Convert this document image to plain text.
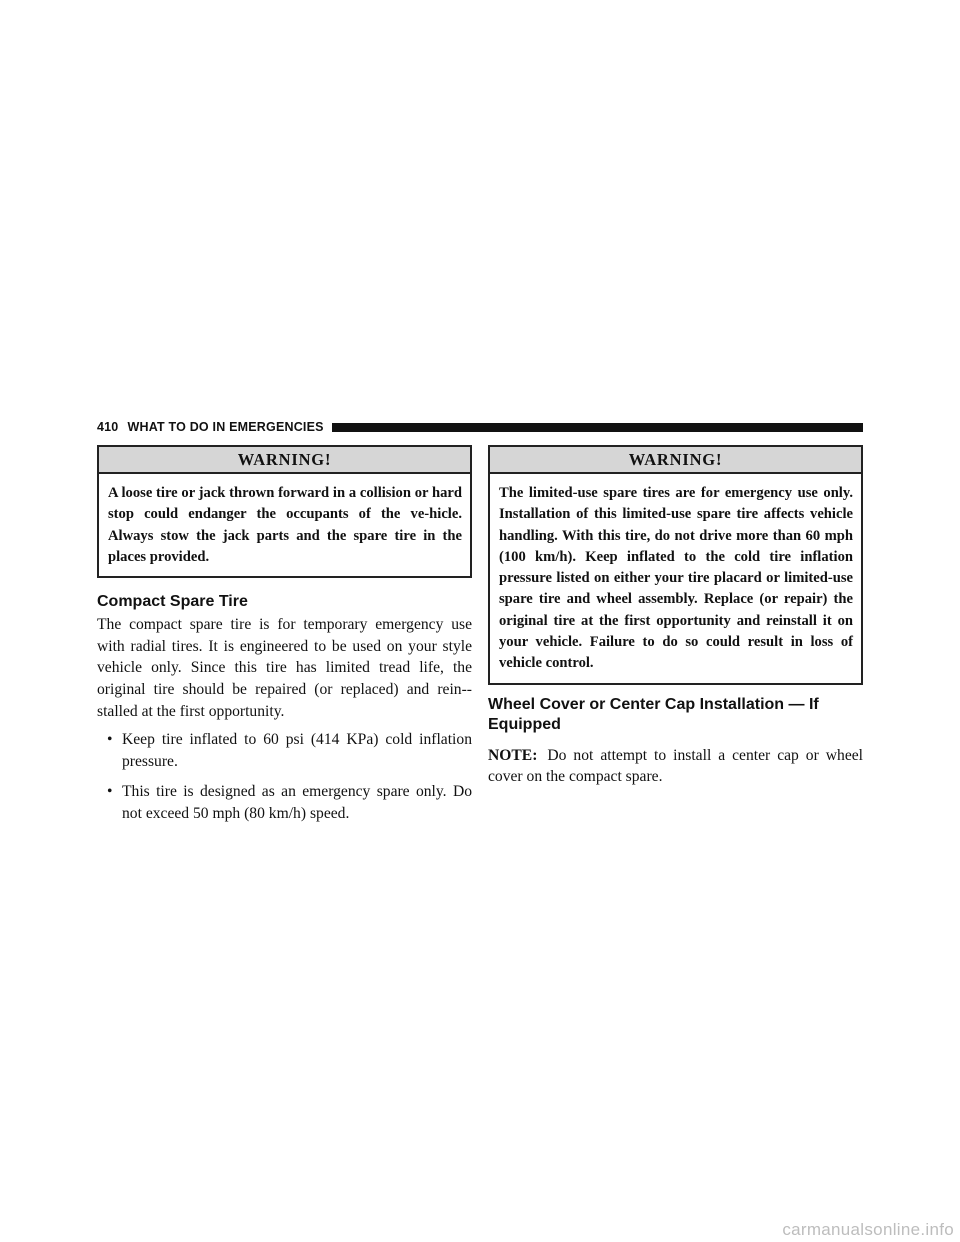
410 WHAT TO DO IN EMERGENCIES
WARNING!
A loose tire or jack thrown forward in a collision or hard stop could endanger the occupants of the ve-hicle. Always stow the jack parts and the spare tire in the places provided.
Compact Spare Tire

The compact spare tire is for temporary emergency use with radial tires. It is engineered to be used on your style vehicle only. Since this tire has limited tread life, the original tire should be repaired (or replaced) and rein-stalled at the first opportunity.

• Keep tire inflated to 60 psi (414 KPa) cold inflation pressure.
• This tire is designed as an emergency spare only. Do not exceed 50 mph (80 km/h) speed.
WARNING!
The limited-use spare tires are for emergency use only. Installation of this limited-use spare tire affects vehicle handling. With this tire, do not drive more than 60 mph (100 km/h). Keep inflated to the cold tire inflation pressure listed on either your tire placard or limited-use spare tire and wheel assembly. Replace (or repair) the original tire at the first opportunity and reinstall it on your vehicle. Failure to do so could result in loss of vehicle control.
Wheel Cover or Center Cap Installation — If Equipped

NOTE: Do not attempt to install a center cap or wheel cover on the compact spare.

carmanualsonline.info
